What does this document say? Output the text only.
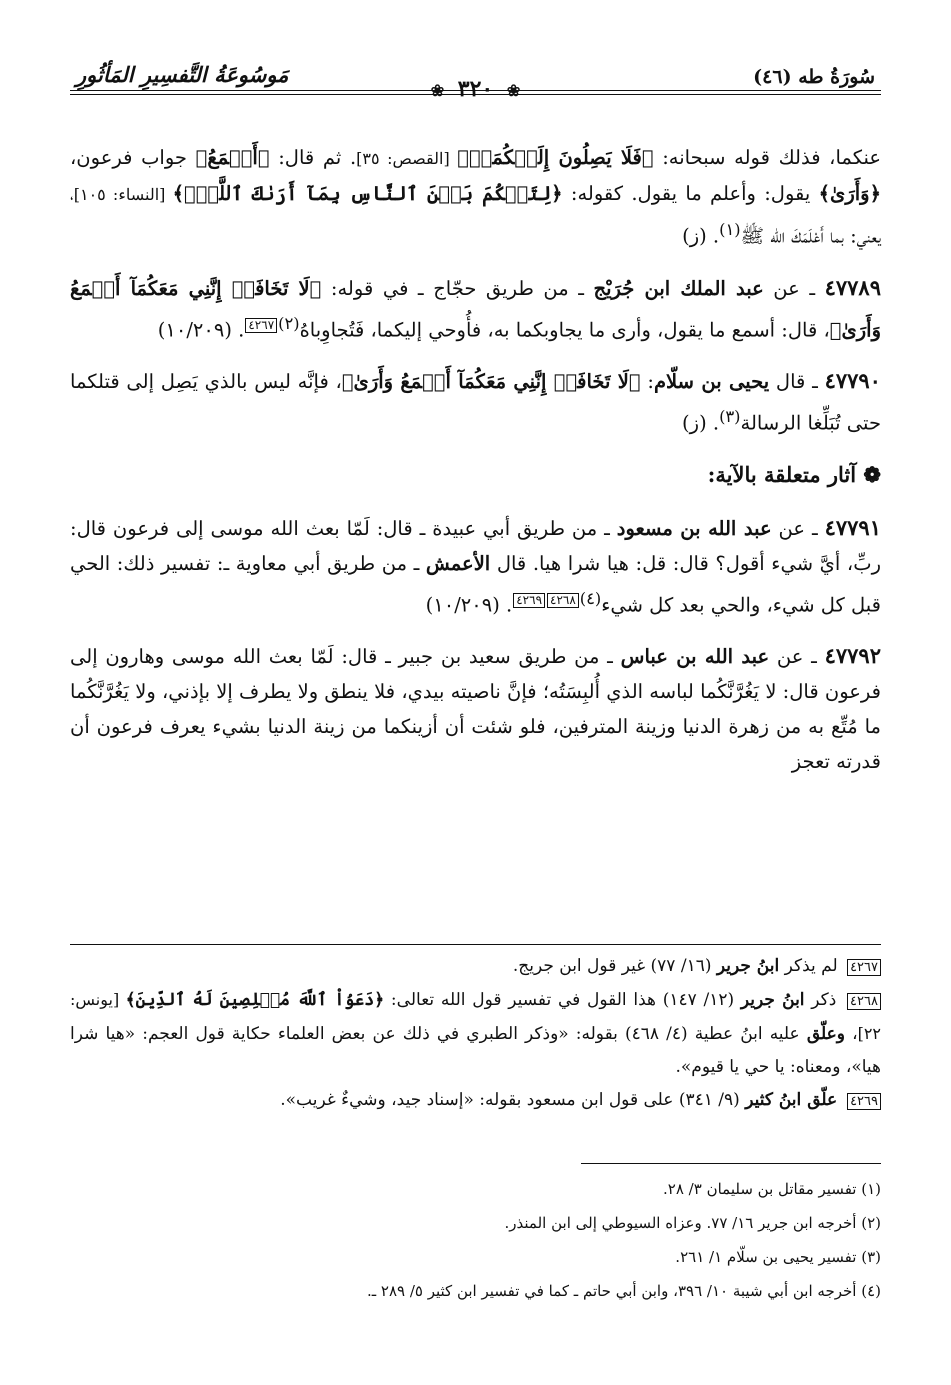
سُورَةُ طه (٤٦)
مَوسُوعَةُ التَّفسِيرِ المَأثُورِ
❀ ٣٢٠ ❀

عنكما، فذلك قوله سبحانه: ﴿فَلَا يَصِلُونَ إِلَيۡكُمَاۚ﴾ [القصص: ٣٥]. ثم قال: ﴿أَسۡمَعُ﴾ جواب فرعون، ﴿وَأَرَىٰ﴾ يقول: وأعلم ما يقول. كقوله: ﴿لِتَحۡكُمَ بَيۡنَ ٱلنَّاسِ بِمَآ أَرَىٰكَ ٱللَّهُۚ﴾ [النساء: ١٠٥]، يعني: بما أَعْلَمَكَ الله ﷺ$^{(١)}$. (ز)

٤٧٧٨٩ ـ عن عبد الملك ابن جُرَيْج ـ من طريق حجّاج ـ في قوله: ﴿لَا تَخَافَآۖ إِنَّنِي مَعَكُمَآ أَسۡمَعُ وَأَرَىٰ﴾، قال: أسمع ما يقول، وأرى ما يجاوبكما به، فأُوحي إليكما، فَتُجاوِباهُ$^{(٢)}$٤٢٦٧. (١٠/٢٠٩)

٤٧٧٩٠ ـ قال يحيى بن سلّام: ﴿لَا تَخَافَآۖ إِنَّنِي مَعَكُمَآ أَسۡمَعُ وَأَرَىٰ﴾، فإنَّه ليس بالذي يَصِل إلى قتلكما حتى تُبَلِّغا الرسالة$^{(٣)}$. (ز)

❁ آثار متعلقة بالآية:

٤٧٧٩١ ـ عن عبد الله بن مسعود ـ من طريق أبي عبيدة ـ قال: لَمّا بعث الله موسى إلى فرعون قال: ربِّ، أيَّ شيء أقول؟ قال: قل: هيا شرا هيا. قال الأعمش ـ من طريق أبي معاوية ـ: تفسير ذلك: الحي قبل كل شيء، والحي بعد كل شيء$^{(٤)}$٤٢٦٨٤٢٦٩. (١٠/٢٠٩)

٤٧٧٩٢ ـ عن عبد الله بن عباس ـ من طريق سعيد بن جبير ـ قال: لَمّا بعث الله موسى وهارون إلى فرعون قال: لا يَغُرَّنَّكُما لباسه الذي أُلبِسَتُه؛ فإنَّ ناصيته بيدي، فلا ينطق ولا يطرف إلا بإذني، ولا يَغُرَّنَّكُما ما مُتِّع به من زهرة الدنيا وزينة المترفين، فلو شئت أن أزينكما من زينة الدنيا بشيء يعرف فرعون أن قدرته تعجز

٤٢٦٧ لم يذكر ابنُ جرير (١٦/ ٧٧) غير قول ابن جريج.

٤٢٦٨ ذكر ابنُ جرير (١٢/ ١٤٧) هذا القول في تفسير قول الله تعالى: ﴿دَعَوُاْ ٱللَّهَ مُخۡلِصِينَ لَهُ ٱلدِّينَ﴾ [يونس: ٢٢]، وعلّق عليه ابنُ عطية (٤/ ٤٦٨) بقوله: «وذكر الطبري في ذلك عن بعض العلماء حكاية قول العجم: «هيا شرا هيا»، ومعناه: يا حي يا قيوم».

٤٢٦٩ علّق ابنُ كثير (٩/ ٣٤١) على قول ابن مسعود بقوله: «إسناد جيد، وشيءٌ غريب».

(١) تفسير مقاتل بن سليمان ٣/ ٢٨.

(٢) أخرجه ابن جرير ١٦/ ٧٧. وعزاه السيوطي إلى ابن المنذر.

(٣) تفسير يحيى بن سلّام ١/ ٢٦١.

(٤) أخرجه ابن أبي شيبة ١٠/ ٣٩٦، وابن أبي حاتم ـ كما في تفسير ابن كثير ٥/ ٢٨٩ ـ.
